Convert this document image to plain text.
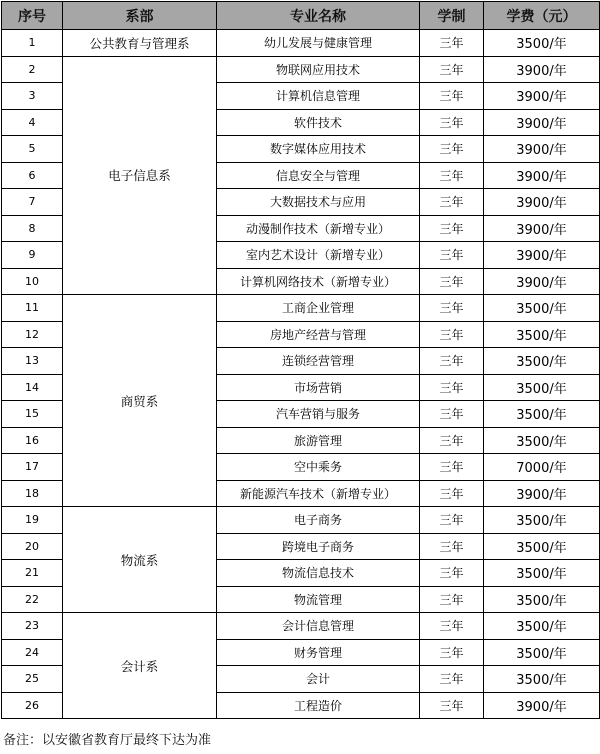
序号	系部	专业名称	学制	学费（元）
1	公共教育与管理系	幼儿发展与健康管理	三年	3500/年
2	电子信息系	物联网应用技术	三年	3900/年
3		计算机信息管理	三年	3900/年
4		软件技术	三年	3900/年
5		数字媒体应用技术	三年	3900/年
6		信息安全与管理	三年	3900/年
7		大数据技术与应用	三年	3900/年
8		动漫制作技术（新增专业）	三年	3900/年
9		室内艺术设计（新增专业）	三年	3900/年
10		计算机网络技术（新增专业）	三年	3900/年
11	商贸系	工商企业管理	三年	3500/年
12		房地产经营与管理	三年	3500/年
13		连锁经营管理	三年	3500/年
14		市场营销	三年	3500/年
15		汽车营销与服务	三年	3500/年
16		旅游管理	三年	3500/年
17		空中乘务	三年	7000/年
18		新能源汽车技术（新增专业）	三年	3900/年
19	物流系	电子商务	三年	3500/年
20		跨境电子商务	三年	3500/年
21		物流信息技术	三年	3500/年
22		物流管理	三年	3500/年
23	会计系	会计信息管理	三年	3500/年
24		财务管理	三年	3500/年
25		会计	三年	3500/年
26		工程造价	三年	3900/年
备注：以安徽省教育厅最终下达为准
